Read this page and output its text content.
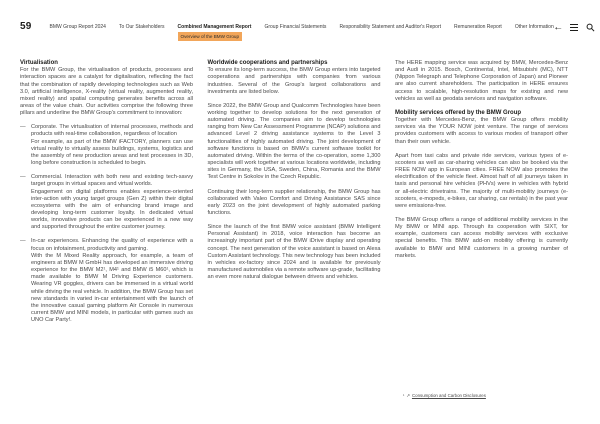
59	BMW Group Report 2024	To Our Stakeholders	Combined Management Report
Overview of the BMW Group
Group Financial Statements	Responsibility Statement and Auditor's Report	Remuneration Report	Other Information ←
Virtualisation

For the BMW Group, the virtualisation of products, processes and interaction spaces are a catalyst for digitalisation, reflecting the fact that the combination of rapidly developing technologies such as Web 3.0, artificial intelligence, X-reality (virtual reality, augmented reality, mixed reality) and spatial computing generates benefits across all areas of the value chain. Our activities comprise the following three pillars and underline the BMW Group's commitment to innovation:

— Corporate. The virtualisation of internal processes, methods and products with real-time collaboration, regardless of location

For example, as part of the BMW iFACTORY, planners can use virtual reality to virtually assess buildings, systems, logistics and the assembly of new production areas and test processes in 3D, long before construction is scheduled to begin.

— Commercial. Interaction with both new and existing tech-savvy target groups in virtual spaces and virtual worlds.

Engagement on digital platforms enables experience-oriented inter-action with young target groups (Gen Z) within their digital ecosystems with the aim of enhancing brand image and developing long-term customer loyalty. In dedicated virtual worlds, innovative products can be experienced in a new way and supported throughout the entire customer journey.

— In-car experiences. Enhancing the quality of experience with a focus on infotainment, productivity and gaming.

With the M Mixed Reality approach, for example, a team of engineers at BMW M GmbH has developed an immersive driving experience for the BMW M2¹, M4¹ and BMW i5 M60¹, which is made available to BMW M Driving Experience customers. Wearing VR goggles, drivers can be immersed in a virtual world while driving the real vehicle. In addition, the BMW Group has set new standards in varied in-car entertainment with the launch of the innovative casual gaming platform Air Console in numerous current BMW and MINI models, in particular with games such as UNO Car Party!.

Worldwide cooperations and partnerships

To ensure its long-term success, the BMW Group enters into targeted cooperations and partnerships with companies from various industries. Several of the Group's largest collaborations and investments are listed below.

Since 2022, the BMW Group and Qualcomm Technologies have been working together to develop solutions for the next generation of automated driving. The companies aim to develop technologies ranging from New Car Assessment Programme (NCAP) solutions and advanced Level 2 driving assistance systems to the Level 3 functionalities of highly automated driving. The joint development of software functions is based on BMW's current software toolkit for automated driving. Within the terms of the co-operation, some 1,300 specialists will work together at various locations worldwide, including sites in Germany, the USA, Sweden, China, Romania and the BMW Test Centre in Sokolov in the Czech Republic.

Continuing their long-term supplier relationship, the BMW Group has collaborated with Valeo Comfort and Driving Assistance SAS since early 2023 on the joint development of highly automated parking functions.

Since the launch of the first BMW voice assistant (BMW Intelligent Personal Assistant) in 2018, voice interaction has become an increasingly important part of the BMW iDrive display and operating concept. The next generation of the voice assistant is based on Alexa Custom Assistant technology. This new technology has been included in vehicles ex-factory since 2024 and is available for previously manufactured automobiles via a remote software up-grade, facilitating an even more natural dialogue between drivers and vehicles.

The HERE mapping service was acquired by BMW, Mercedes-Benz and Audi in 2015. Bosch, Continental, Intel, Mitsubishi (MC), NTT (Nippon Telegraph and Telephone Corporation of Japan) and Pioneer are also current shareholders. The participation in HERE ensures access to scalable, high-resolution maps for existing and new vehicles as well as geodata services and navigation software.

Mobility services offered by the BMW Group

Together with Mercedes-Benz, the BMW Group offers mobility services via the YOUR NOW joint venture. The range of services provides customers with access to various modes of transport other than their own vehicle.

Apart from taxi cabs and private ride services, various types of e-scooters as well as car-sharing vehicles can also be booked via the FREE NOW app in European cities. FREE NOW also promotes the electrification of the vehicle fleet. Almost half of all journeys taken in taxis and personal hire vehicles (PHVs) were in vehicles with hybrid or all-electric drivetrains. The majority of multi-mobility journeys (e-scooters, e-mopeds, e-bikes, car sharing, car rentals) in the past year were emissions-free.

The BMW Group offers a range of additional mobility services in the My BMW or MINI app. Through its cooperation with SIXT, for example, customers can access mobility services with exclusive special benefits. This BMW add-on mobility offering is currently available to BMW and MINI customers in a growing number of markets.

¹ ↗ Consumption and Carbon Disclosures
